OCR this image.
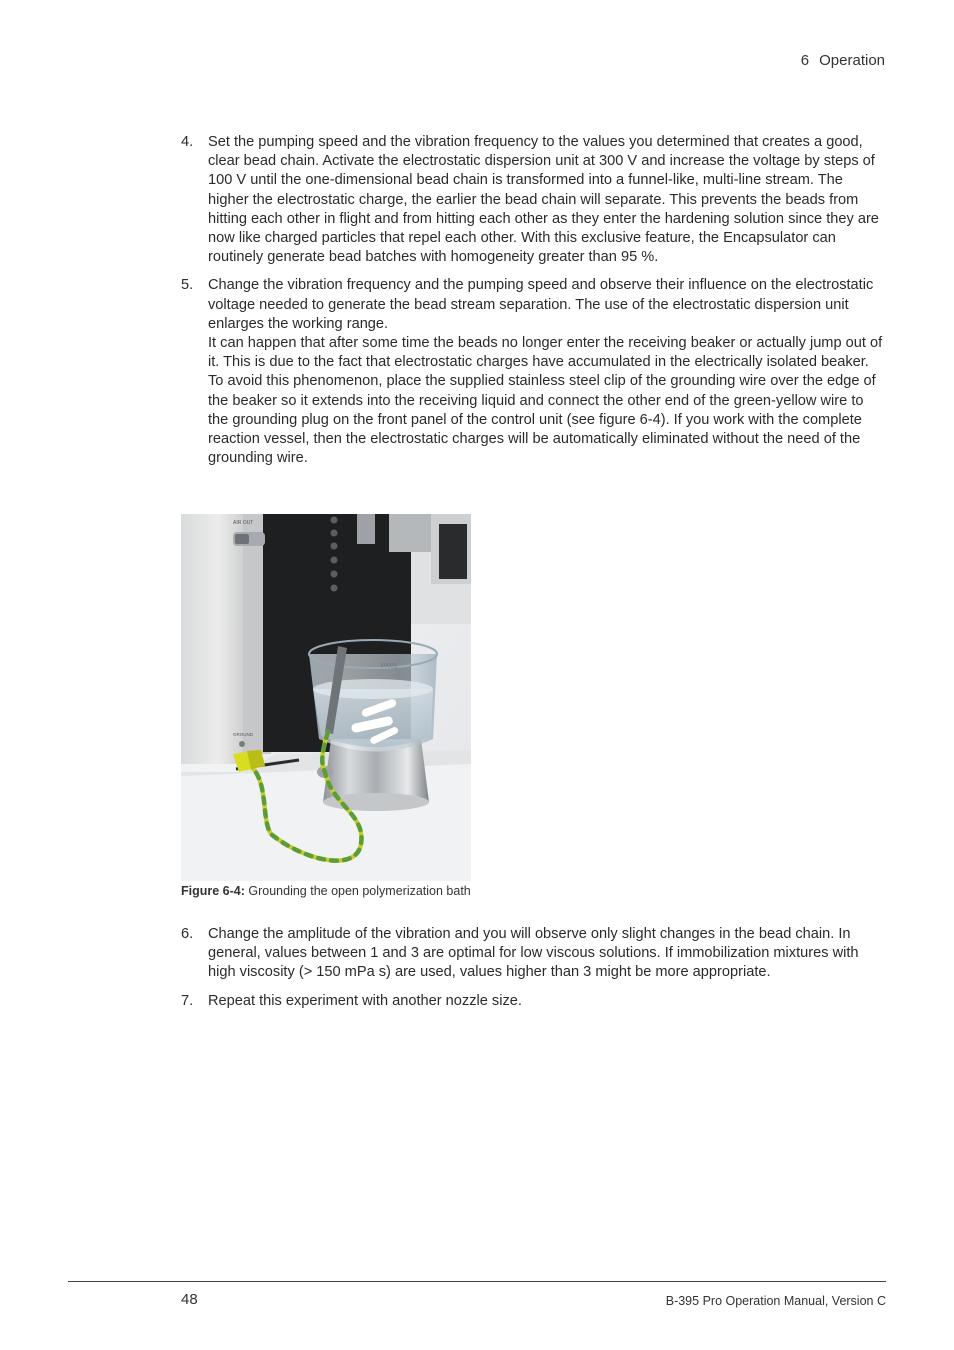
6 Operation
4. Set the pumping speed and the vibration frequency to the values you determined that creates a good, clear bead chain. Activate the electrostatic dispersion unit at 300 V and increase the voltage by steps of 100 V until the one-dimensional bead chain is transformed into a funnel-like, multi-line stream. The higher the electrostatic charge, the earlier the bead chain will separate. This prevents the beads from hitting each other in flight and from hitting each other as they enter the hardening solution since they are now like charged particles that repel each other. With this exclusive feature, the Encapsulator can routinely generate bead batches with homogeneity greater than 95 %.
5. Change the vibration frequency and the pumping speed and observe their influence on the electrostatic voltage needed to generate the bead stream separation. The use of the electrostatic dispersion unit enlarges the working range.
It can happen that after some time the beads no longer enter the receiving beaker or actually jump out of it. This is due to the fact that electrostatic charges have accumulated in the electrically isolated beaker. To avoid this phenomenon, place the supplied stainless steel clip of the grounding wire over the edge of the beaker so it extends into the receiving liquid and connect the other end of the green-yellow wire to the grounding plug on the front panel of the control unit (see figure 6-4). If you work with the complete reaction vessel, then the electrostatic charges will be automatically eliminated without the need of the grounding wire.
AIR OUT
GROUND
500ml
Figure 6-4: Grounding the open polymerization bath
6. Change the amplitude of the vibration and you will observe only slight changes in the bead chain. In general, values between 1 and 3 are optimal for low viscous solutions. If immobilization mixtures with high viscosity (> 150 mPa s) are used, values higher than 3 might be more appropriate.
7. Repeat this experiment with another nozzle size.
48	B-395 Pro Operation Manual, Version C
